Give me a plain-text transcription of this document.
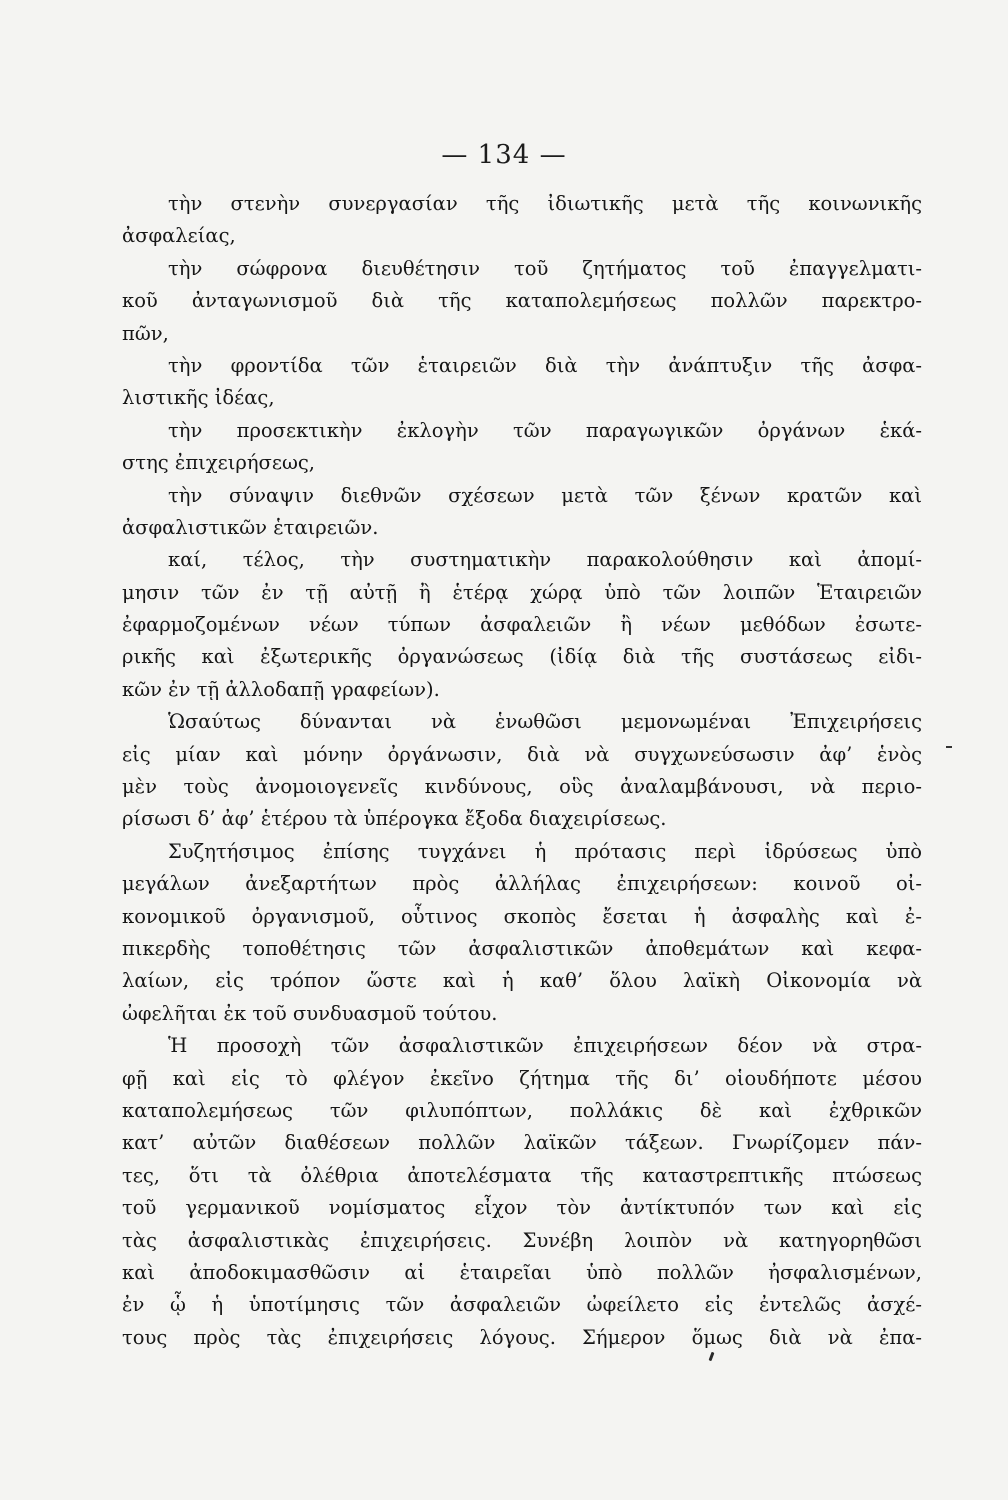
— 134 —
τὴν στενὴν συνεργασίαν τῆς ἰδιωτικῆς μετὰ τῆς κοινωνικῆς
ἀσφαλείας,
τὴν σώφρονα διευθέτησιν τοῦ ζητήματος τοῦ ἐπαγγελματι-
κοῦ ἀνταγωνισμοῦ διὰ τῆς καταπολεμήσεως πολλῶν παρεκτρο-
πῶν,
τὴν φροντίδα τῶν ἑταιρειῶν διὰ τὴν ἀνάπτυξιν τῆς ἀσφα-
λιστικῆς ἰδέας,
τὴν προσεκτικὴν ἐκλογὴν τῶν παραγωγικῶν ὀργάνων ἑκά-
στης ἐπιχειρήσεως,
τὴν σύναψιν διεθνῶν σχέσεων μετὰ τῶν ξένων κρατῶν καὶ
ἀσφαλιστικῶν ἑταιρειῶν.
καί, τέλος, τὴν συστηματικὴν παρακολούθησιν καὶ ἀπομί-
μησιν τῶν ἐν τῇ αὐτῇ ἢ ἑτέρᾳ χώρᾳ ὑπὸ τῶν λοιπῶν Ἑταιρειῶν
ἐφαρμοζομένων νέων τύπων ἀσφαλειῶν ἢ νέων μεθόδων ἐσωτε-
ρικῆς καὶ ἐξωτερικῆς ὀργανώσεως (ἰδίᾳ διὰ τῆς συστάσεως εἰδι-
κῶν ἐν τῇ ἀλλοδαπῇ γραφείων).
Ὡσαύτως δύνανται νὰ ἑνωθῶσι μεμονωμέναι Ἐπιχειρήσεις
εἰς μίαν καὶ μόνην ὀργάνωσιν, διὰ νὰ συγχωνεύσωσιν ἀφ’ ἑνὸς
μὲν τοὺς ἀνομοιογενεῖς κινδύνους, οὓς ἀναλαμβάνουσι, νὰ περιο-
ρίσωσι δ’ ἀφ’ ἑτέρου τὰ ὑπέρογκα ἔξοδα διαχειρίσεως.
Συζητήσιμος ἐπίσης τυγχάνει ἡ πρότασις περὶ ἱδρύσεως ὑπὸ
μεγάλων ἀνεξαρτήτων πρὸς ἀλλήλας ἐπιχειρήσεων: κοινοῦ οἰ-
κονομικοῦ ὀργανισμοῦ, οὗτινος σκοπὸς ἔσεται ἡ ἀσφαλὴς καὶ ἐ-
πικερδὴς τοποθέτησις τῶν ἀσφαλιστικῶν ἀποθεμάτων καὶ κεφα-
λαίων, εἰς τρόπον ὥστε καὶ ἡ καθ’ ὅλου λαϊκὴ Οἰκονομία νὰ
ὠφελῆται ἐκ τοῦ συνδυασμοῦ τούτου.
Ἡ προσοχὴ τῶν ἀσφαλιστικῶν ἐπιχειρήσεων δέον νὰ στρα-
φῇ καὶ εἰς τὸ φλέγον ἐκεῖνο ζήτημα τῆς δι’ οἱουδήποτε μέσου
καταπολεμήσεως τῶν φιλυπόπτων, πολλάκις δὲ καὶ ἐχθρικῶν
κατ’ αὐτῶν διαθέσεων πολλῶν λαϊκῶν τάξεων. Γνωρίζομεν πάν-
τες, ὅτι τὰ ὀλέθρια ἀποτελέσματα τῆς καταστρεπτικῆς πτώσεως
τοῦ γερμανικοῦ νομίσματος εἶχον τὸν ἀντίκτυπόν των καὶ εἰς
τὰς ἀσφαλιστικὰς ἐπιχειρήσεις. Συνέβη λοιπὸν νὰ κατηγορηθῶσι
καὶ ἀποδοκιμασθῶσιν αἱ ἑταιρεῖαι ὑπὸ πολλῶν ἠσφαλισμένων,
ἐν ᾧ ἡ ὑποτίμησις τῶν ἀσφαλειῶν ὠφείλετο εἰς ἐντελῶς ἀσχέ-
τους πρὸς τὰς ἐπιχειρήσεις λόγους. Σήμερον ὅμως διὰ νὰ ἐπα-
